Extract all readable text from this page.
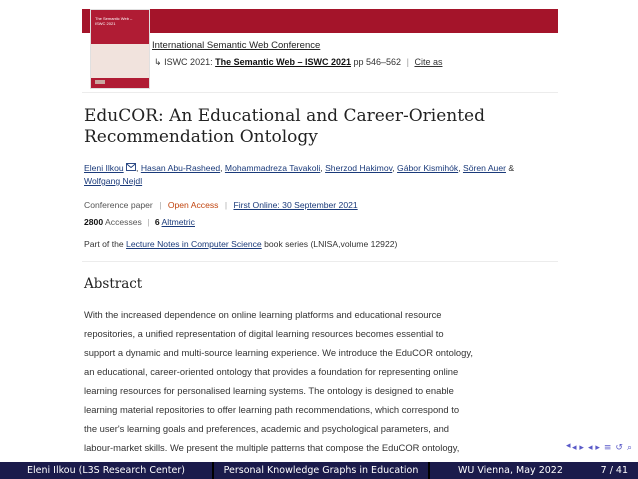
The Semantic Web – ISWC 2021
International Semantic Web Conference
↳ ISWC 2021: The Semantic Web – ISWC 2021 pp 546–562 | Cite as
EduCOR: An Educational and Career-Oriented
Recommendation Ontology
Eleni Ilkou , Hasan Abu-Rasheed, Mohammadreza Tavakoli, Sherzod Hakimov, Gábor Kismihók, Sören Auer & Wolfgang Nejdl
Conference paper | Open Access | First Online: 30 September 2021
2800 Accesses | 6 Altmetric
Part of the Lecture Notes in Computer Science book series (LNISA,volume 12922)
Abstract
With the increased dependence on online learning platforms and educational resource
repositories, a unified representation of digital learning resources becomes essential to
support a dynamic and multi-source learning experience. We introduce the EduCOR ontology,
an educational, career-oriented ontology that provides a foundation for representing online
learning resources for personalised learning systems. The ontology is designed to enable
learning material repositories to offer learning path recommendations, which correspond to
the user's learning goals and preferences, academic and psychological parameters, and
labour-market skills. We present the multiple patterns that compose the EduCOR ontology,	◂ ◂ ▸ ◂ ▸ ≡ ↺ ⌕
Eleni Ilkou (L3S Research Center)	Personal Knowledge Graphs in Education	WU Vienna, May 2022	7 / 41
